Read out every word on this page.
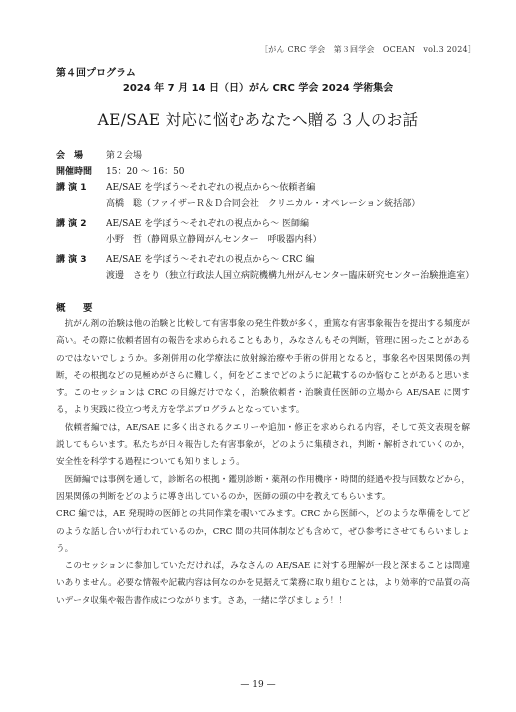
［がん CRC 学会　第３回学会　OCEAN　vol.3 2024］
第４回プログラム
2024 年 7 月 14 日（日）がん CRC 学会 2024 学術集会
AE/SAE 対応に悩むあなたへ贈る３人のお話
会　場	第２会場
開催時間	15：20 ～ 16：50
講 演 1	AE/SAE を学ぼう～それぞれの視点から～依頼者編
高橋　聡（ファイザーＲ＆Ｄ合同会社　クリニカル・オペレーション統括部）
講 演 2	AE/SAE を学ぼう～それぞれの視点から～ 医師編
小野　哲（静岡県立静岡がんセンター　呼吸器内科）
講 演 3	AE/SAE を学ぼう～それぞれの視点から～ CRC 編
渡邊　さをり（独立行政法人国立病院機構九州がんセンター臨床研究センター治験推進室）
概　要

抗がん剤の治験は他の治験と比較して有害事象の発生件数が多く，重篤な有害事象報告を提出する頻度が高い。その際に依頼者固有の報告を求められることもあり，みなさんもその判断，管理に困ったことがあるのではないでしょうか。多剤併用の化学療法に放射線治療や手術の併用となると，事象名や因果関係の判断，その根拠などの見極めがさらに難しく，何をどこまでどのように記載するのか悩むことがあると思います。このセッションは CRC の目線だけでなく，治験依頼者・治験責任医師の立場から AE/SAE に関する，より実践に役立つ考え方を学ぶプログラムとなっています。

依頼者編では，AE/SAE に多く出されるクエリーや追加・修正を求められる内容，そして英文表現を解説してもらいます。私たちが日々報告した有害事象が，どのように集積され，判断・解析されていくのか，安全性を科学する過程についても知りましょう。

医師編では事例を通して，診断名の根拠・鑑別診断・薬剤の作用機序・時間的経過や投与回数などから，因果関係の判断をどのように導き出しているのか，医師の頭の中を教えてもらいます。

CRC 編では，AE 発現時の医師との共同作業を覗いてみます。CRC から医師へ，どのような準備をしてどのような話し合いが行われているのか，CRC 間の共同体制なども含めて，ぜひ参考にさせてもらいましょう。

このセッションに参加していただければ，みなさんの AE/SAE に対する理解が一段と深まることは間違いありません。必要な情報や記載内容は何なのかを見据えて業務に取り組むことは，より効率的で品質の高いデータ収集や報告書作成につながります。さあ，一緒に学びましょう！！

— 19 —
